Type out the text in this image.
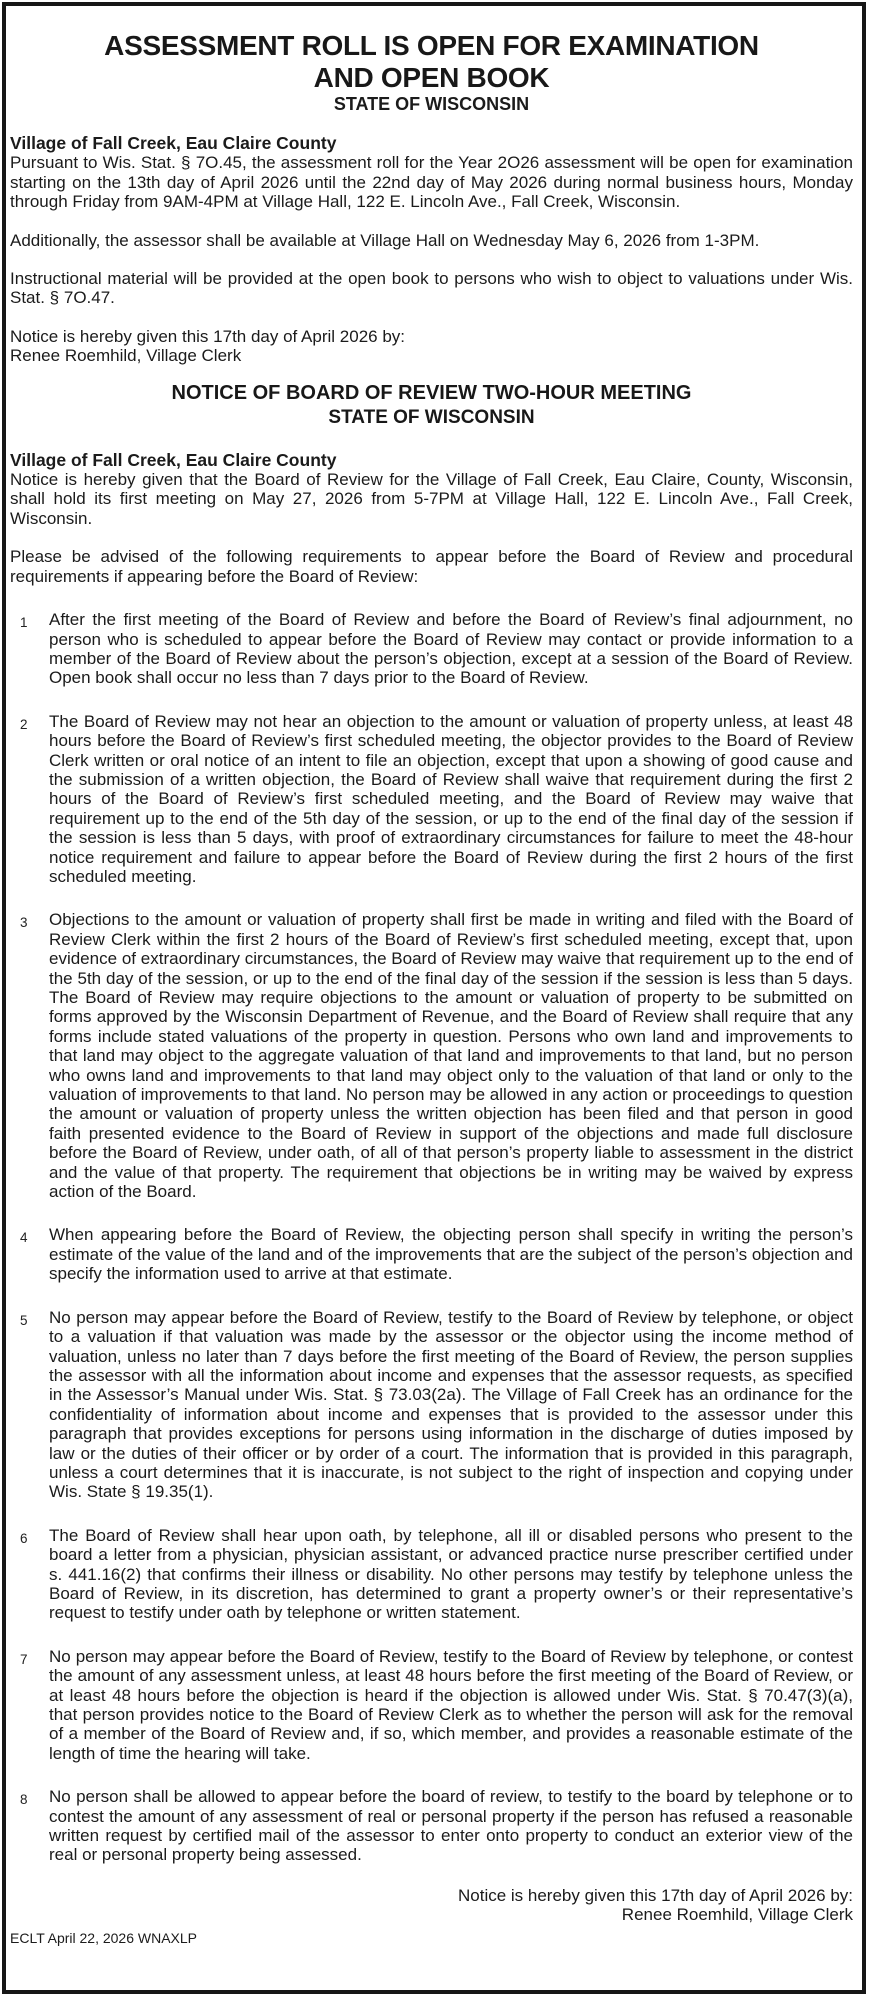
ASSESSMENT ROLL IS OPEN FOR EXAMINATION
AND OPEN BOOK
STATE OF WISCONSIN

Village of Fall Creek, Eau Claire County

Pursuant to Wis. Stat. § 7O.45, the assessment roll for the Year 2O26 assessment will be open for examination starting on the 13th day of April 2026 until the 22nd day of May 2026 during normal business hours, Monday through Friday from 9AM-4PM at Village Hall, 122 E. Lincoln Ave., Fall Creek, Wisconsin.

Additionally, the assessor shall be available at Village Hall on Wednesday May 6, 2026 from 1-3PM.

Instructional material will be provided at the open book to persons who wish to object to valuations under Wis. Stat. § 7O.47.

Notice is hereby given this 17th day of April 2026 by:

Renee Roemhild, Village Clerk

NOTICE OF BOARD OF REVIEW TWO-HOUR MEETING
STATE OF WISCONSIN

Village of Fall Creek, Eau Claire County

Notice is hereby given that the Board of Review for the Village of Fall Creek, Eau Claire, County, Wisconsin, shall hold its first meeting on May 27, 2026 from 5-7PM at Village Hall, 122 E. Lincoln Ave., Fall Creek, Wisconsin.

Please be advised of the following requirements to appear before the Board of Review and procedural requirements if appearing before the Board of Review:

1	After the first meeting of the Board of Review and before the Board of Review’s final adjournment, no person who is scheduled to appear before the Board of Review may contact or provide information to a member of the Board of Review about the person’s objection, except at a session of the Board of Review. Open book shall occur no less than 7 days prior to the Board of Review.
2	The Board of Review may not hear an objection to the amount or valuation of property unless, at least 48 hours before the Board of Review’s first scheduled meeting, the objector provides to the Board of Review Clerk written or oral notice of an intent to file an objection, except that upon a showing of good cause and the submission of a written objection, the Board of Review shall waive that requirement during the first 2 hours of the Board of Review’s first scheduled meeting, and the Board of Review may waive that requirement up to the end of the 5th day of the session, or up to the end of the final day of the session if the session is less than 5 days, with proof of extraordinary circumstances for failure to meet the 48-hour notice requirement and failure to appear before the Board of Review during the first 2 hours of the first scheduled meeting.
3	Objections to the amount or valuation of property shall first be made in writing and filed with the Board of Review Clerk within the first 2 hours of the Board of Review’s first scheduled meeting, except that, upon evidence of extraordinary circumstances, the Board of Review may waive that requirement up to the end of the 5th day of the session, or up to the end of the final day of the session if the session is less than 5 days. The Board of Review may require objections to the amount or valuation of property to be submitted on forms approved by the Wisconsin Department of Revenue, and the Board of Review shall require that any forms include stated valuations of the property in question. Persons who own land and improvements to that land may object to the aggregate valuation of that land and improvements to that land, but no person who owns land and improvements to that land may object only to the valuation of that land or only to the valuation of improvements to that land. No person may be allowed in any action or proceedings to question the amount or valuation of property unless the written objection has been filed and that person in good faith presented evidence to the Board of Review in support of the objections and made full disclosure before the Board of Review, under oath, of all of that person’s property liable to assessment in the district and the value of that property. The requirement that objections be in writing may be waived by express action of the Board.
4	When appearing before the Board of Review, the objecting person shall specify in writing the person’s estimate of the value of the land and of the improvements that are the subject of the person’s objection and specify the information used to arrive at that estimate.
5	No person may appear before the Board of Review, testify to the Board of Review by telephone, or object to a valuation if that valuation was made by the assessor or the objector using the income method of valuation, unless no later than 7 days before the first meeting of the Board of Review, the person supplies the assessor with all the information about income and expenses that the assessor requests, as specified in the Assessor’s Manual under Wis. Stat. § 73.03(2a). The Village of Fall Creek has an ordinance for the confidentiality of information about income and expenses that is provided to the assessor under this paragraph that provides exceptions for persons using information in the discharge of duties imposed by law or the duties of their officer or by order of a court. The information that is provided in this paragraph, unless a court determines that it is inaccurate, is not subject to the right of inspection and copying under Wis. State § 19.35(1).
6	The Board of Review shall hear upon oath, by telephone, all ill or disabled persons who present to the board a letter from a physician, physician assistant, or advanced practice nurse prescriber certified under s. 441.16(2) that confirms their illness or disability. No other persons may testify by telephone unless the Board of Review, in its discretion, has determined to grant a property owner’s or their representative’s request to testify under oath by telephone or written statement.
7	No person may appear before the Board of Review, testify to the Board of Review by telephone, or contest the amount of any assessment unless, at least 48 hours before the first meeting of the Board of Review, or at least 48 hours before the objection is heard if the objection is allowed under Wis. Stat. § 70.47(3)(a), that person provides notice to the Board of Review Clerk as to whether the person will ask for the removal of a member of the Board of Review and, if so, which member, and provides a reasonable estimate of the length of time the hearing will take.
8	No person shall be allowed to appear before the board of review, to testify to the board by telephone or to contest the amount of any assessment of real or personal property if the person has refused a reasonable written request by certified mail of the assessor to enter onto property to conduct an exterior view of the real or personal property being assessed.
Notice is hereby given this 17th day of April 2026 by:
Renee Roemhild, Village Clerk
ECLT April 22, 2026 WNAXLP
